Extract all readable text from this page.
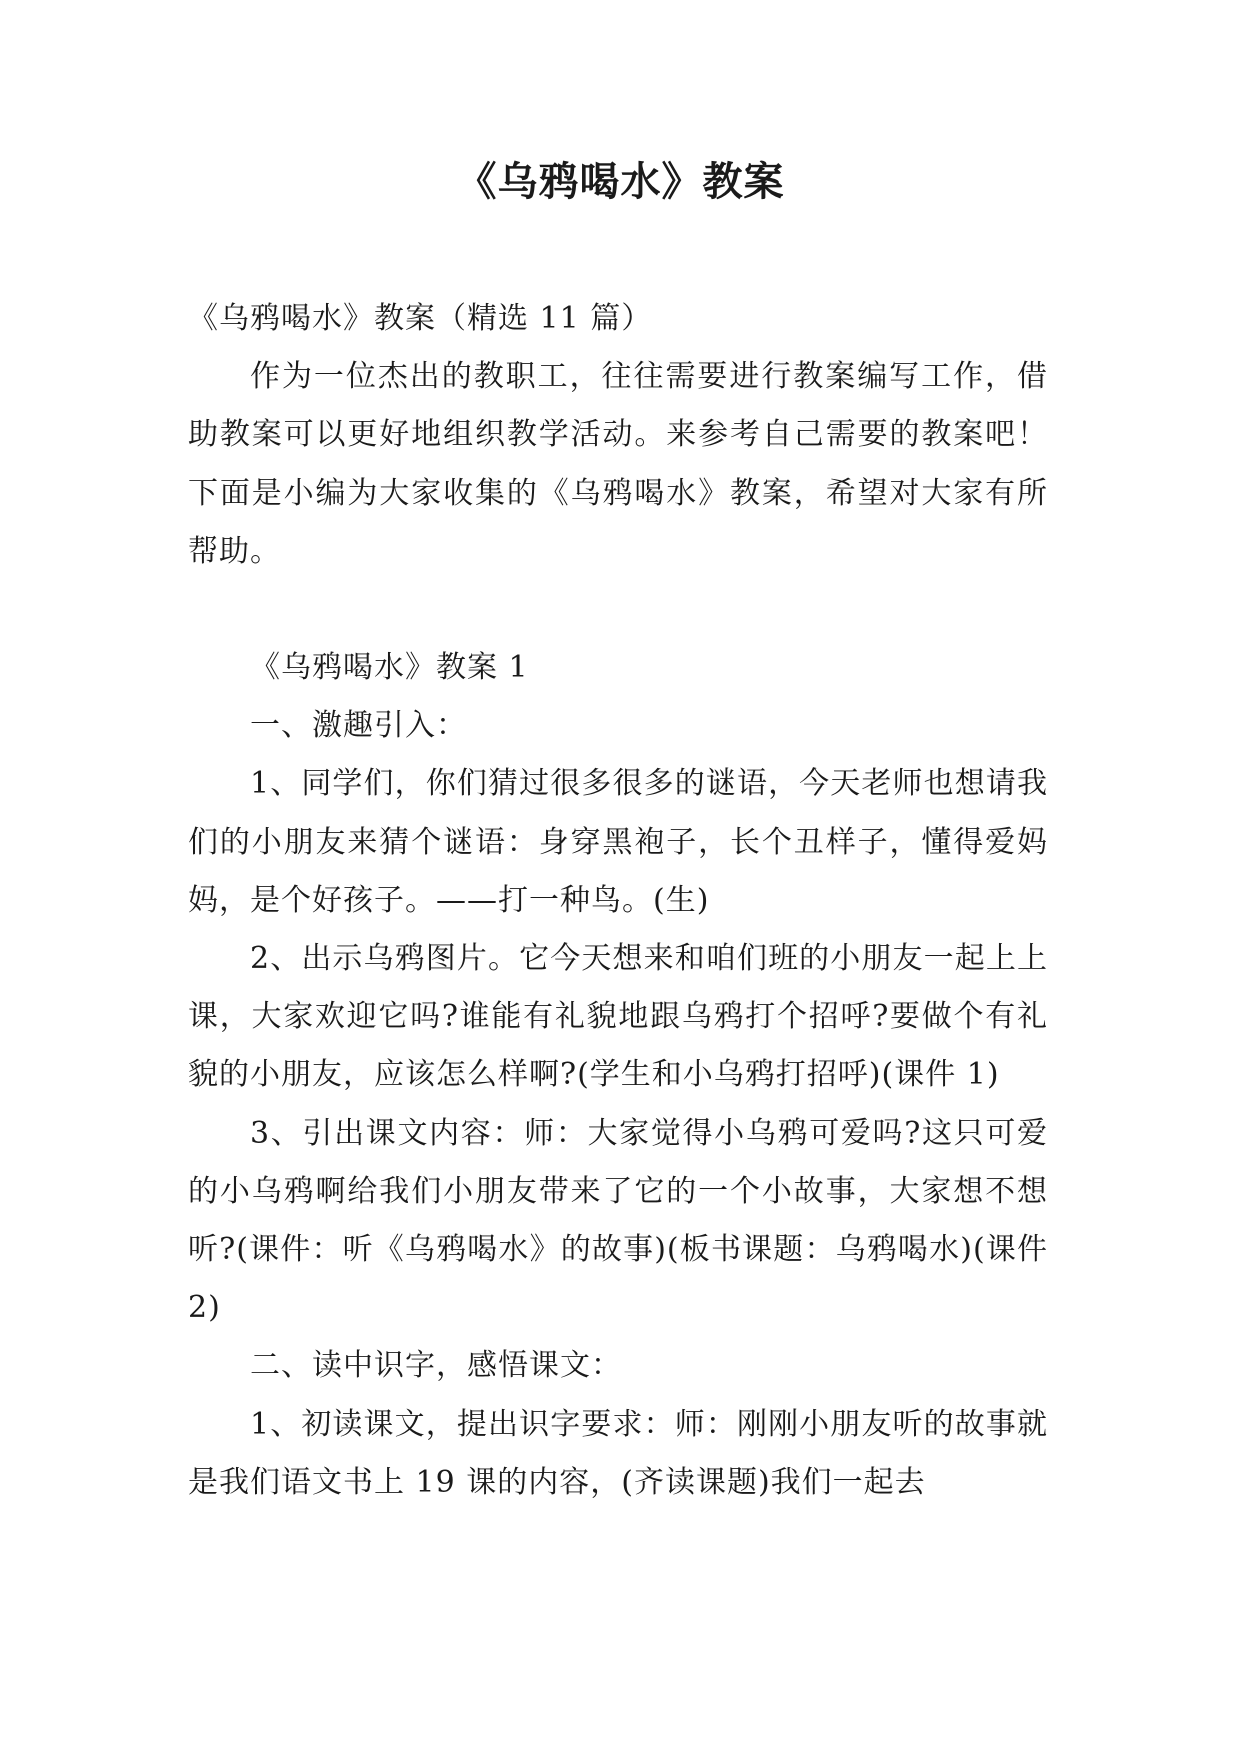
《乌鸦喝水》教案

《乌鸦喝水》教案（精选 11 篇）

作为一位杰出的教职工，往往需要进行教案编写工作，借助教案可以更好地组织教学活动。来参考自己需要的教案吧！下面是小编为大家收集的《乌鸦喝水》教案，希望对大家有所帮助。

《乌鸦喝水》教案 1

一、激趣引入：

1、同学们，你们猜过很多很多的谜语，今天老师也想请我们的小朋友来猜个谜语：身穿黑袍子，长个丑样子，懂得爱妈妈，是个好孩子。——打一种鸟。(生)

2、出示乌鸦图片。它今天想来和咱们班的小朋友一起上上课，大家欢迎它吗?谁能有礼貌地跟乌鸦打个招呼?要做个有礼貌的小朋友，应该怎么样啊?(学生和小乌鸦打招呼)(课件 1)

3、引出课文内容：师：大家觉得小乌鸦可爱吗?这只可爱的小乌鸦啊给我们小朋友带来了它的一个小故事，大家想不想听?(课件：听《乌鸦喝水》的故事)(板书课题：乌鸦喝水)(课件 2)

二、读中识字，感悟课文：

1、初读课文，提出识字要求：师：刚刚小朋友听的故事就是我们语文书上 19 课的内容，(齐读课题)我们一起去
